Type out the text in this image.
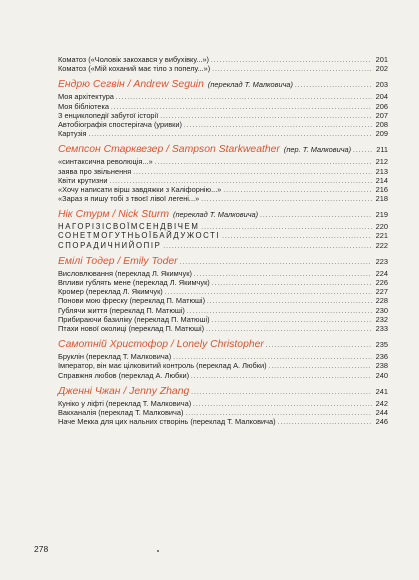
Коматоз («Чоловік закохався у вибухівку...») .....	201
Коматоз («Мій коханий має тіло з попелу...») .....	202
Ендрю Сегвін / Andrew Seguin (переклад Т. Малковича) .....	203
Моя архітектура .....	204
Моя бібліотека .....	206
З енциклопедії забутої історії .....	207
Автобіографія спостерігача (уривки) .....	208
Картузія .....	209
Семпсон Старквезер / Sampson Starkweather (пер. Т. Малковича) .....	211
«синтаксична революція...» .....	212
заява про звільнення .....	213
Квіти крутизни .....	214
«Хочу написати вірш завдяжки з Каліфорнію...» .....	216
«Зараз я пишу тобі з твоєї лівої легені...» .....	218
Нік Стурм / Nick Sturm (переклад Т. Малковича) .....	219
НАГОРІЗІСВОЇМСЕНДВІЧЕМ .....	220
СОНЕТМОГУТНЬОЇБАЙДУЖОСТІ .....	221
СПОРАДИЧНИЙОПІР .....	222
Емілі Тодер / Emily Toder .....	223
Висловлювання (переклад Л. Якимчук) .....	224
Впливи гублять мене (переклад Л. Якимчук) .....	226
Кромер (переклад Л. Якимчук) .....	227
Понови мою фреску (переклад П. Матюші) .....	228
Гублячи життя (переклад П. Матюші) .....	230
Прибираючи базиліку (переклад П. Матюші) .....	232
Птахи нової околиці (переклад П. Матюші) .....	233
Самотній Христофор / Lonely Christopher .....	235
Бруклін (переклад Т. Малковича) .....	236
Імператор, він має цілковитий контроль (переклад А. Любки) .....	238
Справжня любов (переклад А. Любки) .....	240
Дженні Чжан / Jenny Zhang .....	241
Куніко у ліфті (переклад Т. Малковича) .....	242
Вакханалія (переклад Т. Малковича) .....	244
Наче Мекка для цих нальних створінь (переклад Т. Малковича) .....	246
278
